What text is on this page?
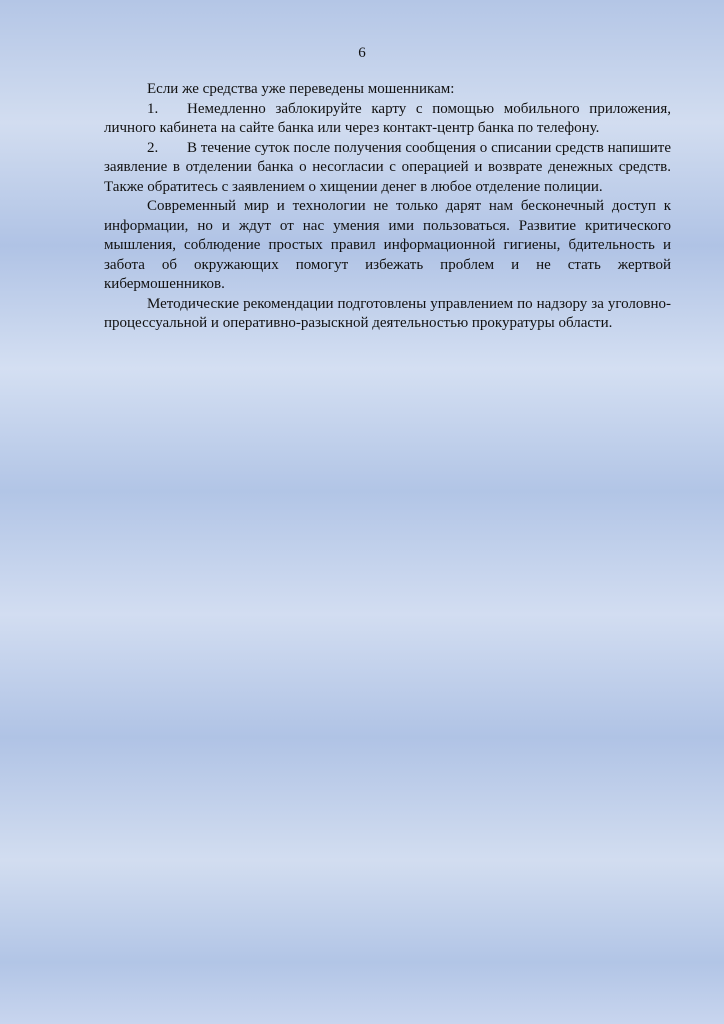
6

Если же средства уже переведены мошенникам:

1. Немедленно заблокируйте карту с помощью мобильного приложения, личного кабинета на сайте банка или через контакт-центр банка по телефону.

2. В течение суток после получения сообщения о списании средств напишите заявление в отделении банка о несогласии с операцией и возврате денежных средств. Также обратитесь с заявлением о хищении денег в любое отделение полиции.

Современный мир и технологии не только дарят нам бесконечный доступ к информации, но и ждут от нас умения ими пользоваться. Развитие критического мышления, соблюдение простых правил информационной гигиены, бдительность и забота об окружающих помогут избежать проблем и не стать жертвой кибермошенников.

Методические рекомендации подготовлены управлением по надзору за уголовно-процессуальной и оперативно-разыскной деятельностью прокуратуры области.
